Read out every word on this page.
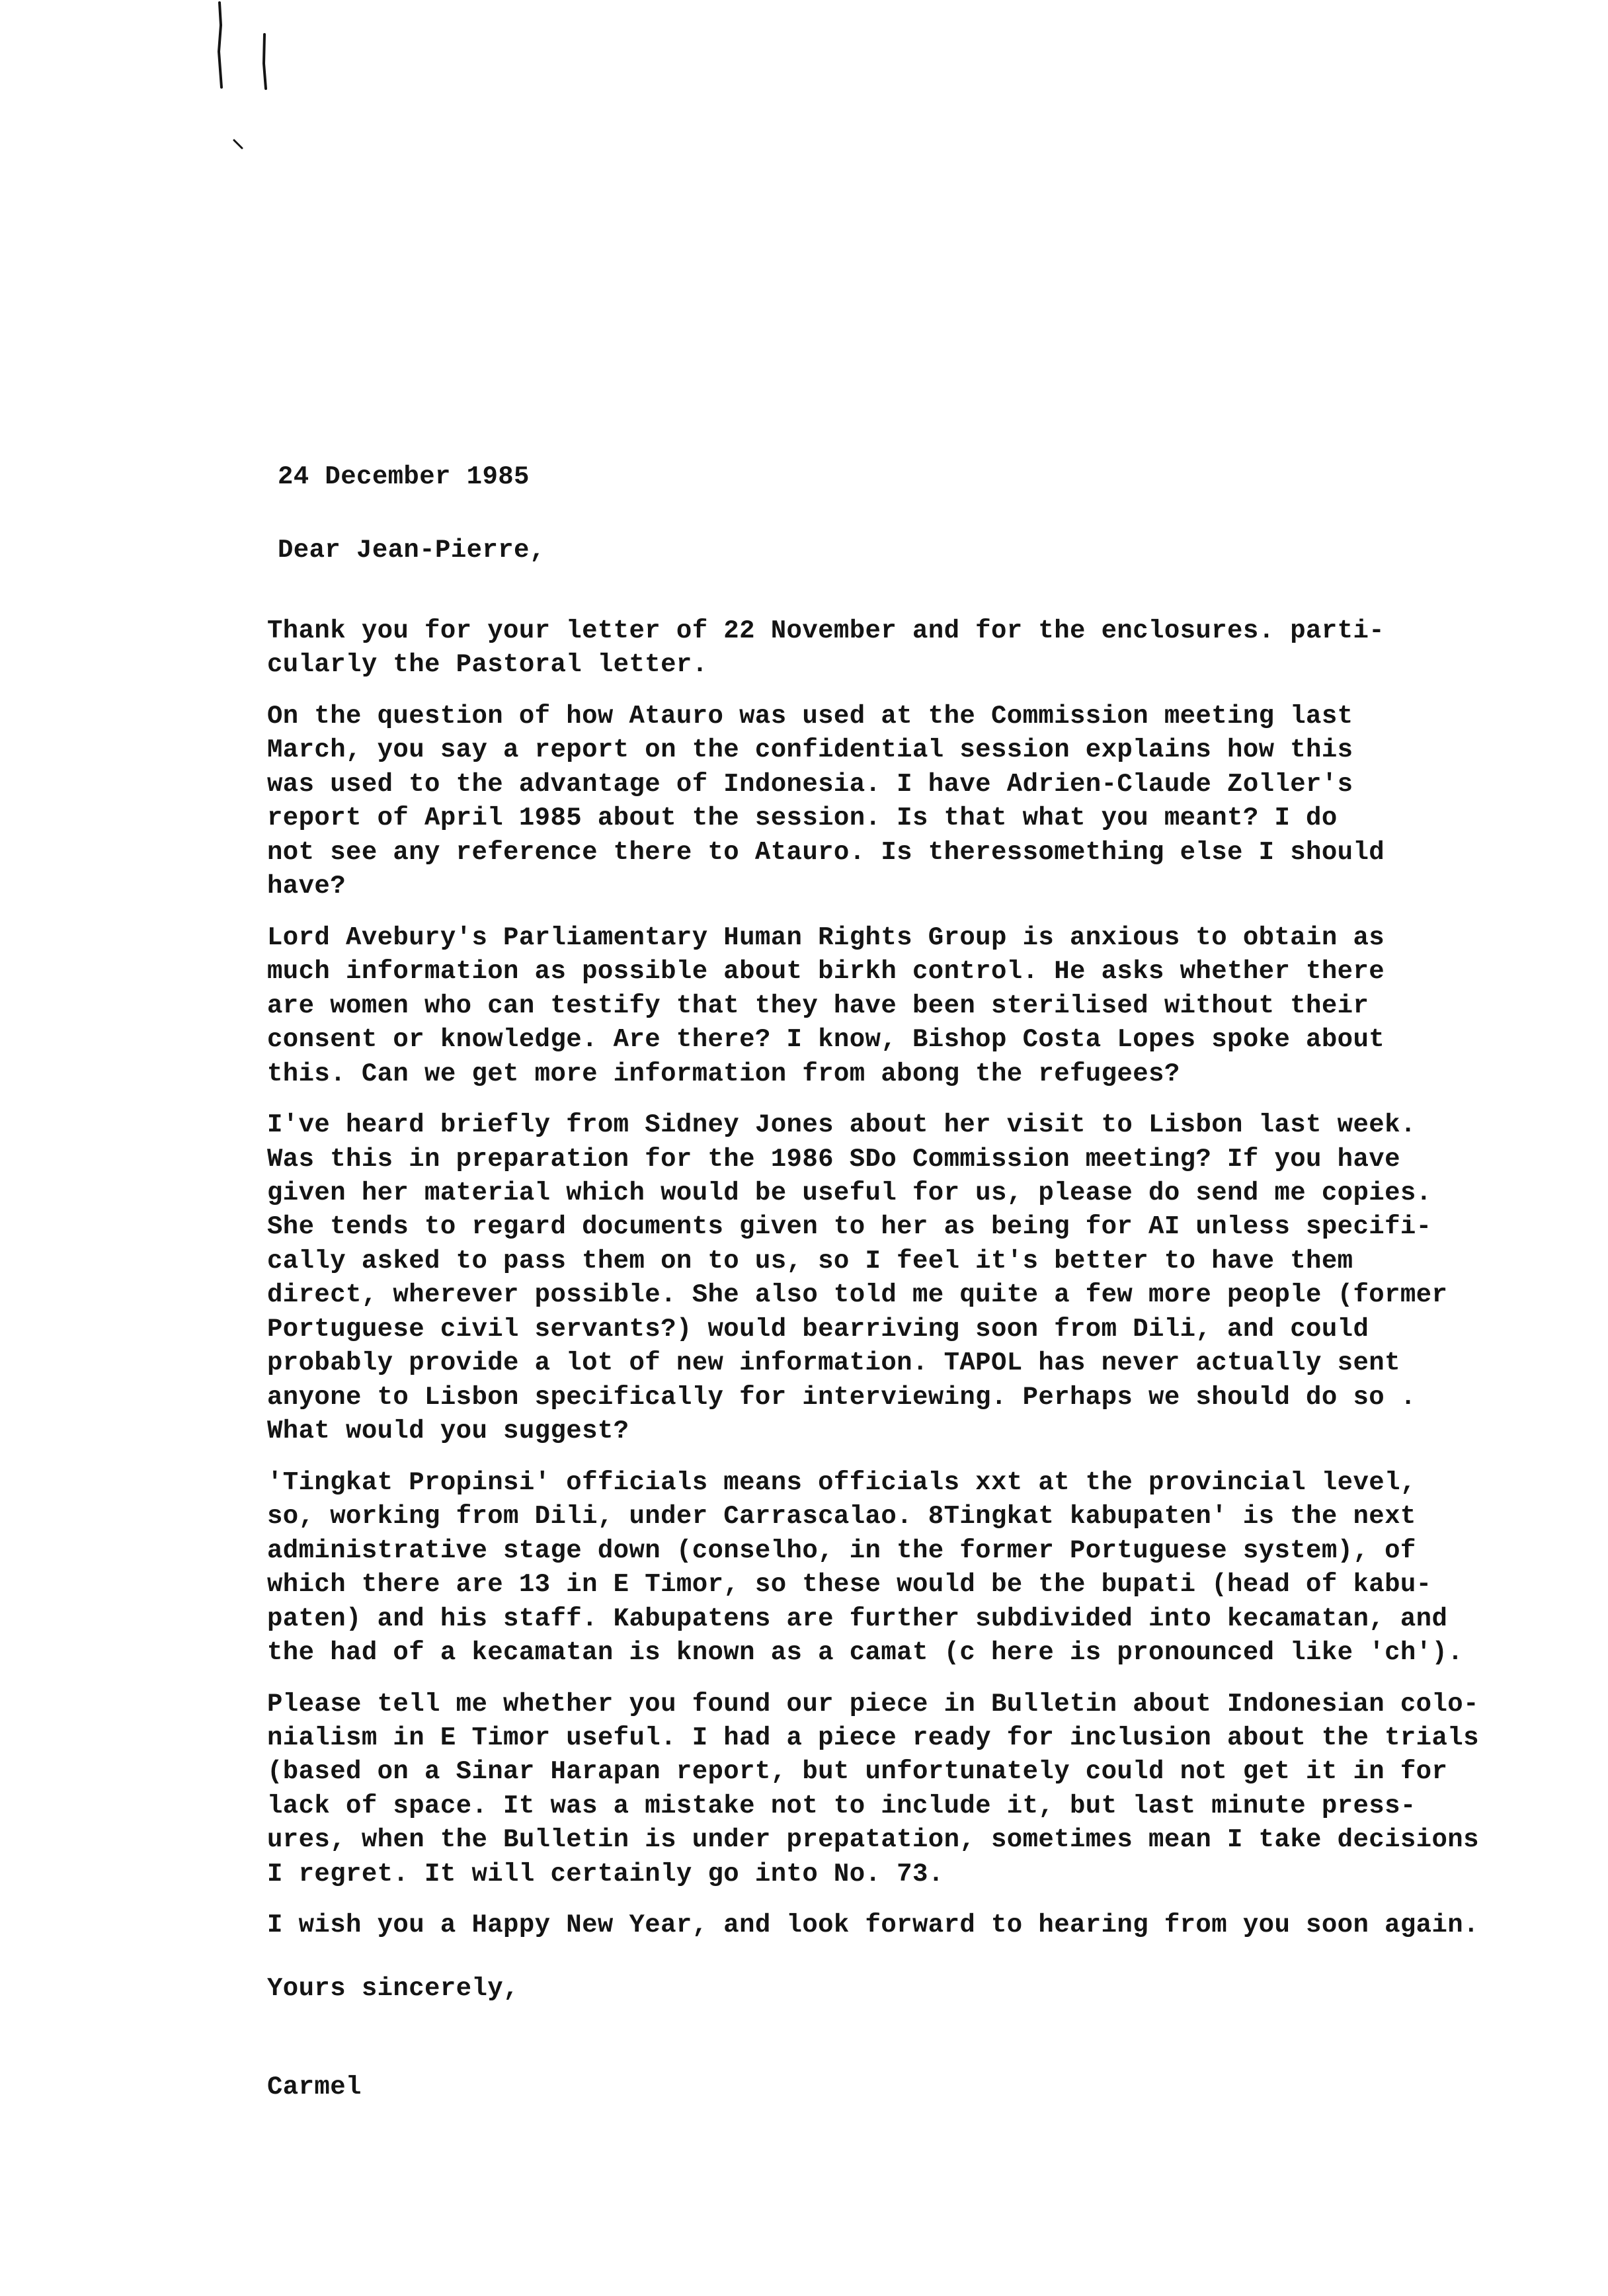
24 December 1985
Dear Jean-Pierre,
Thank you for your letter of 22 November and for the enclosures. parti-
cularly the Pastoral letter.
On the question of how Atauro was used at the Commission meeting last
March, you say a report on the confidential session explains how this
was used to the advantage of Indonesia. I have Adrien-Claude Zoller's
report of April 1985 about the session. Is that what you meant? I do
not see any reference there to Atauro. Is theressomething else I should
have?
Lord Avebury's Parliamentary Human Rights Group is anxious to obtain as
much information as possible about birkh control. He asks whether there
are women who can testify that they have been sterilised without their
consent or knowledge. Are there? I know, Bishop Costa Lopes spoke about
this. Can we get more information from abong the refugees?
I've heard briefly from Sidney Jones about her visit to Lisbon last week.
Was this in preparation for the 1986 SDo Commission meeting? If you have
given her material which would be useful for us, please do send me copies.
She tends to regard documents given to her as being for AI unless specifi-
cally asked to pass them on to us, so I feel it's better to have them
direct, wherever possible. She also told me quite a few more people (former
Portuguese civil servants?) would bearriving soon from Dili, and could
probably provide a lot of new information. TAPOL has never actually sent
anyone to Lisbon specifically for interviewing. Perhaps we should do so .
What would you suggest?
'Tingkat Propinsi' officials means officials xxt at the provincial level,
so, working from Dili, under Carrascalao. 8Tingkat kabupaten' is the next
administrative stage down (conselho, in the former Portuguese system), of
which there are 13 in E Timor, so these would be the bupati (head of kabu-
paten) and his staff. Kabupatens are further subdivided into kecamatan, and
the had of a kecamatan is known as a camat (c here is pronounced like 'ch').
Please tell me whether you found our piece in Bulletin about Indonesian colo-
nialism in E Timor useful. I had a piece ready for inclusion about the trials
(based on a Sinar Harapan report, but unfortunately could not get it in for
lack of space. It was a mistake not to include it, but last minute press-
ures, when the Bulletin is under prepatation, sometimes mean I take decisions
I regret. It will certainly go into No. 73.
I wish you a Happy New Year, and look forward to hearing from you soon again.
Yours sincerely,
Carmel
